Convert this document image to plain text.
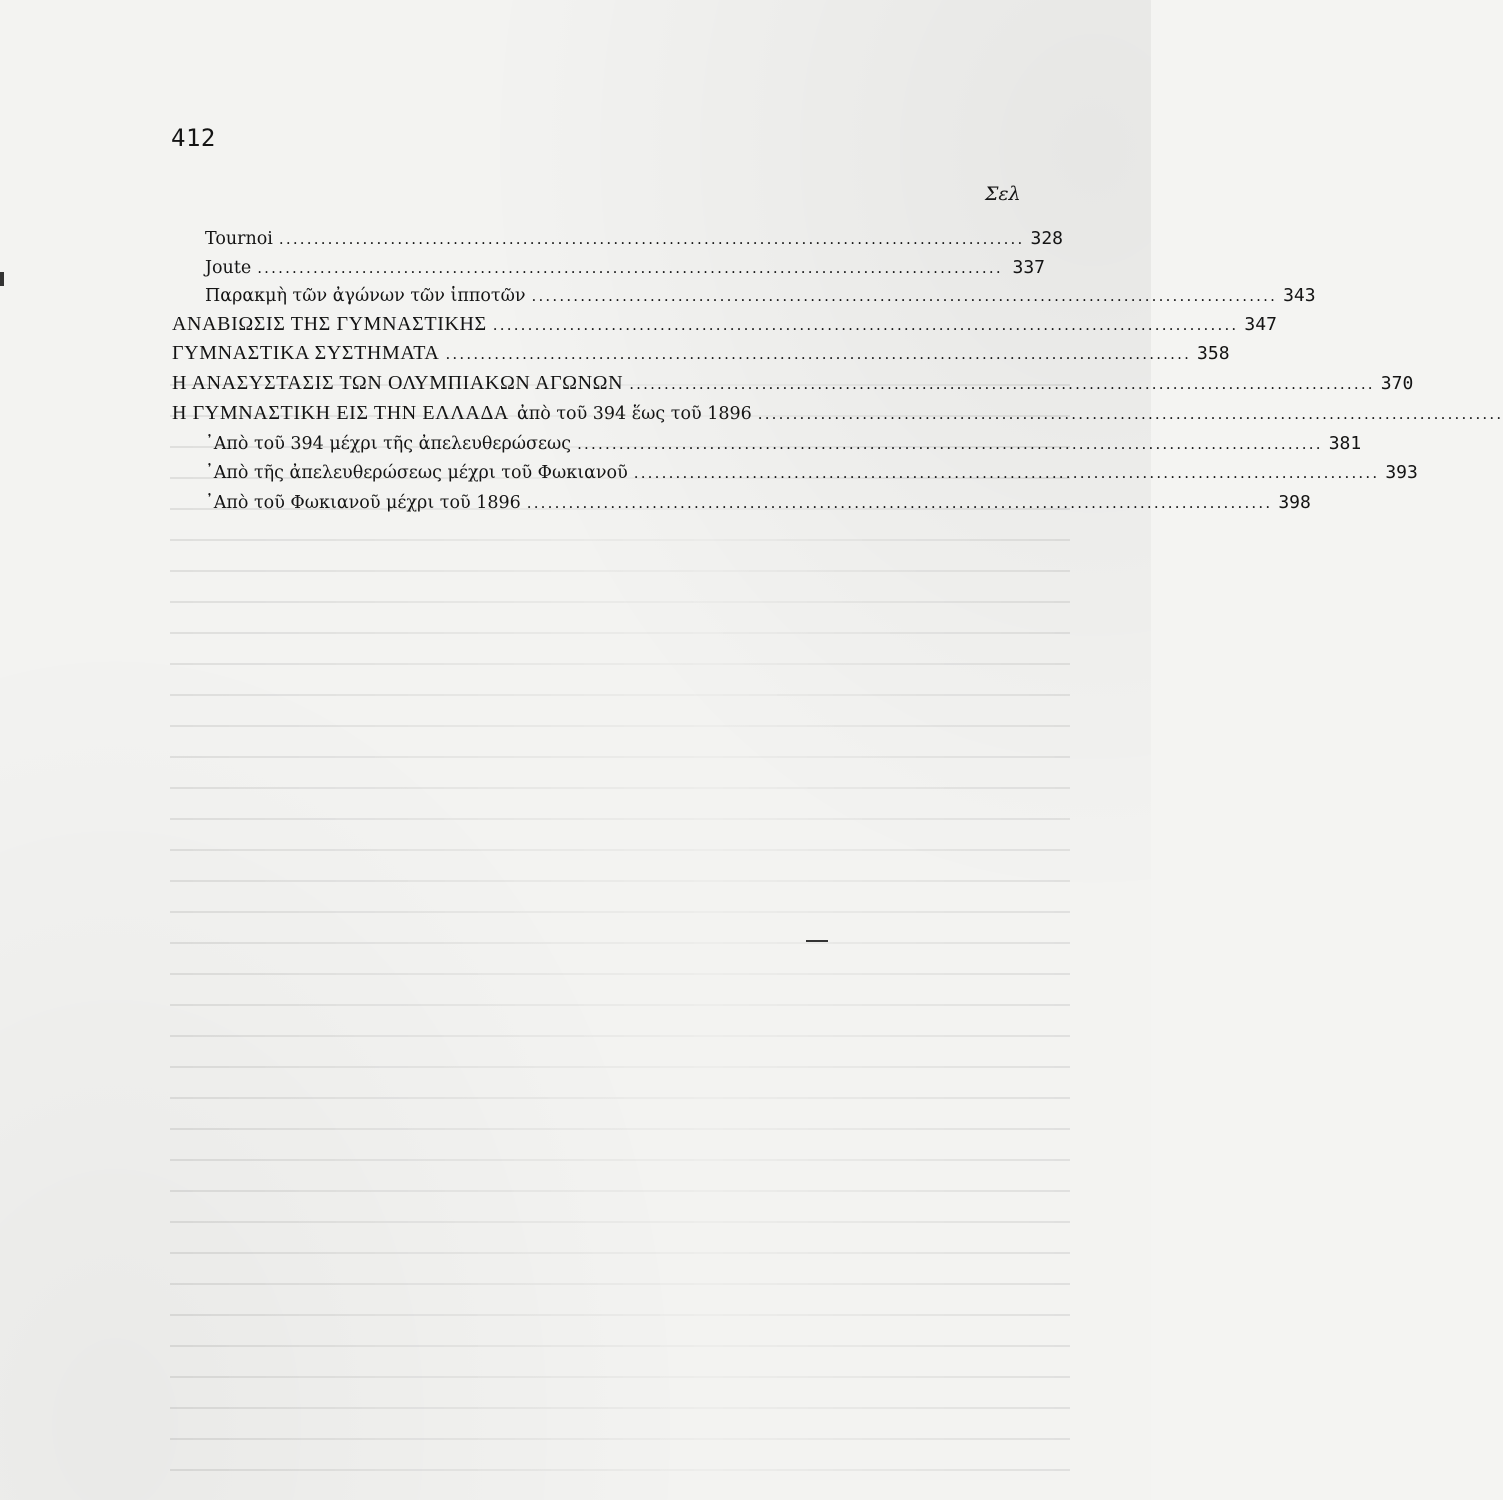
412
Σελ
Tournoi ........................................................................................................... 328
Joute ........................................................................................................... 337
Παρακμὴ τῶν ἀγώνων τῶν ἱπποτῶν ........................................................................................................... 343
ΑΝΑΒΙΩΣΙΣ ΤΗΣ ΓΥΜΝΑΣΤΙΚΗΣ ........................................................................................................... 347
ΓΥΜΝΑΣΤΙΚΑ ΣΥΣΤΗΜΑΤΑ ........................................................................................................... 358
Η ΑΝΑΣΥΣΤΑΣΙΣ ΤΩΝ ΟΛΥΜΠΙΑΚΩΝ ΑΓΩΝΩΝ ........................................................................................................... 370
Η ΓΥΜΝΑΣΤΙΚΗ ΕΙΣ ΤΗΝ ΕΛΛΑΔΑ ἀπὸ τοῦ 394 ἕως τοῦ 1896 ...........................................................................................................
᾿Απὸ τοῦ 394 μέχρι τῆς ἀπελευθερώσεως ........................................................................................................... 381
᾿Απὸ τῆς ἀπελευθερώσεως μέχρι τοῦ Φωκιανοῦ ........................................................................................................... 393
᾿Απὸ τοῦ Φωκιανοῦ μέχρι τοῦ 1896 ........................................................................................................... 398
